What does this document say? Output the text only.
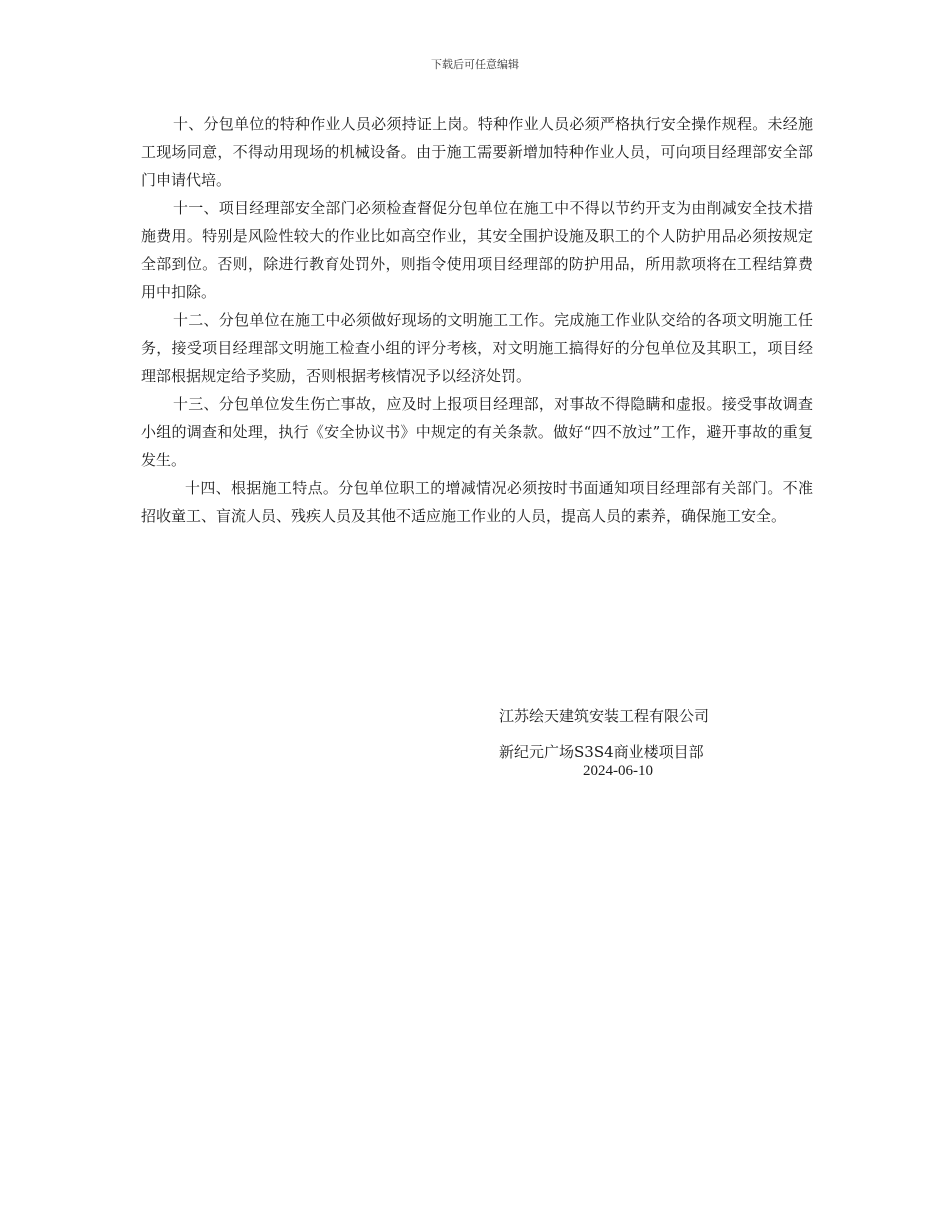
下载后可任意编辑

十、分包单位的特种作业人员必须持证上岗。特种作业人员必须严格执行安全操作规程。未经施工现场同意，不得动用现场的机械设备。由于施工需要新增加特种作业人员，可向项目经理部安全部门申请代培。

十一、项目经理部安全部门必须检查督促分包单位在施工中不得以节约开支为由削减安全技术措施费用。特别是风险性较大的作业比如高空作业，其安全围护设施及职工的个人防护用品必须按规定全部到位。否则，除进行教育处罚外，则指令使用项目经理部的防护用品，所用款项将在工程结算费用中扣除。

十二、分包单位在施工中必须做好现场的文明施工工作。完成施工作业队交给的各项文明施工任务，接受项目经理部文明施工检查小组的评分考核，对文明施工搞得好的分包单位及其职工，项目经理部根据规定给予奖励，否则根据考核情况予以经济处罚。

十三、分包单位发生伤亡事故，应及时上报项目经理部，对事故不得隐瞒和虚报。接受事故调查小组的调查和处理，执行《安全协议书》中规定的有关条款。做好“四不放过”工作，避开事故的重复发生。

十四、根据施工特点。分包单位职工的增减情况必须按时书面通知项目经理部有关部门。不准招收童工、盲流人员、残疾人员及其他不适应施工作业的人员，提高人员的素养，确保施工安全。

江苏绘天建筑安装工程有限公司

新纪元广场S3S4商业楼项目部

2024-06-10
